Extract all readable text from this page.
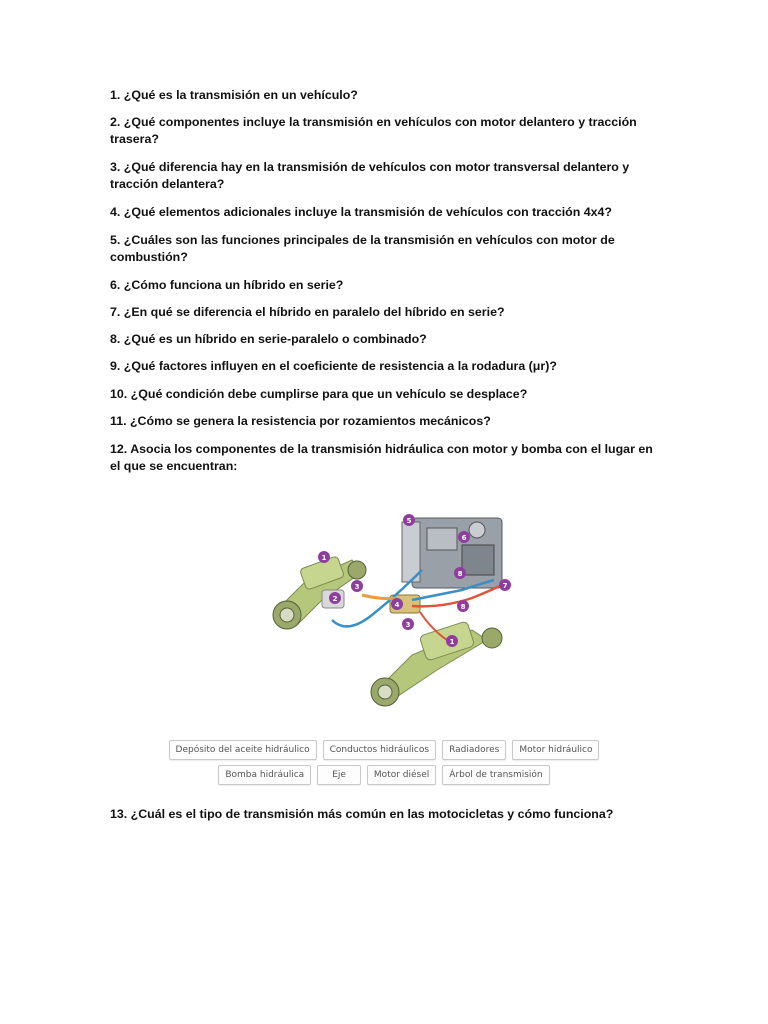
1. ¿Qué es la transmisión en un vehículo?

2. ¿Qué componentes incluye la transmisión en vehículos con motor delantero y tracción trasera?

3. ¿Qué diferencia hay en la transmisión de vehículos con motor transversal delantero y tracción delantera?

4. ¿Qué elementos adicionales incluye la transmisión de vehículos con tracción 4x4?

5. ¿Cuáles son las funciones principales de la transmisión en vehículos con motor de combustión?

6. ¿Cómo funciona un híbrido en serie?

7. ¿En qué se diferencia el híbrido en paralelo del híbrido en serie?

8. ¿Qué es un híbrido en serie-paralelo o combinado?

9. ¿Qué factores influyen en el coeficiente de resistencia a la rodadura (μr)?

10. ¿Qué condición debe cumplirse para que un vehículo se desplace?

11. ¿Cómo se genera la resistencia por rozamientos mecánicos?

12. Asocia los componentes de la transmisión hidráulica con motor y bomba con el lugar en el que se encuentran:

1
2
3
4
5
6
7
8
1
3
8
Depósito del aceite hidráulico	Conductos hidráulicos	Radiadores	Motor hidráulico
Bomba hidráulica	Eje	Motor diésel	Árbol de transmisión

13. ¿Cuál es el tipo de transmisión más común en las motocicletas y cómo funciona?
